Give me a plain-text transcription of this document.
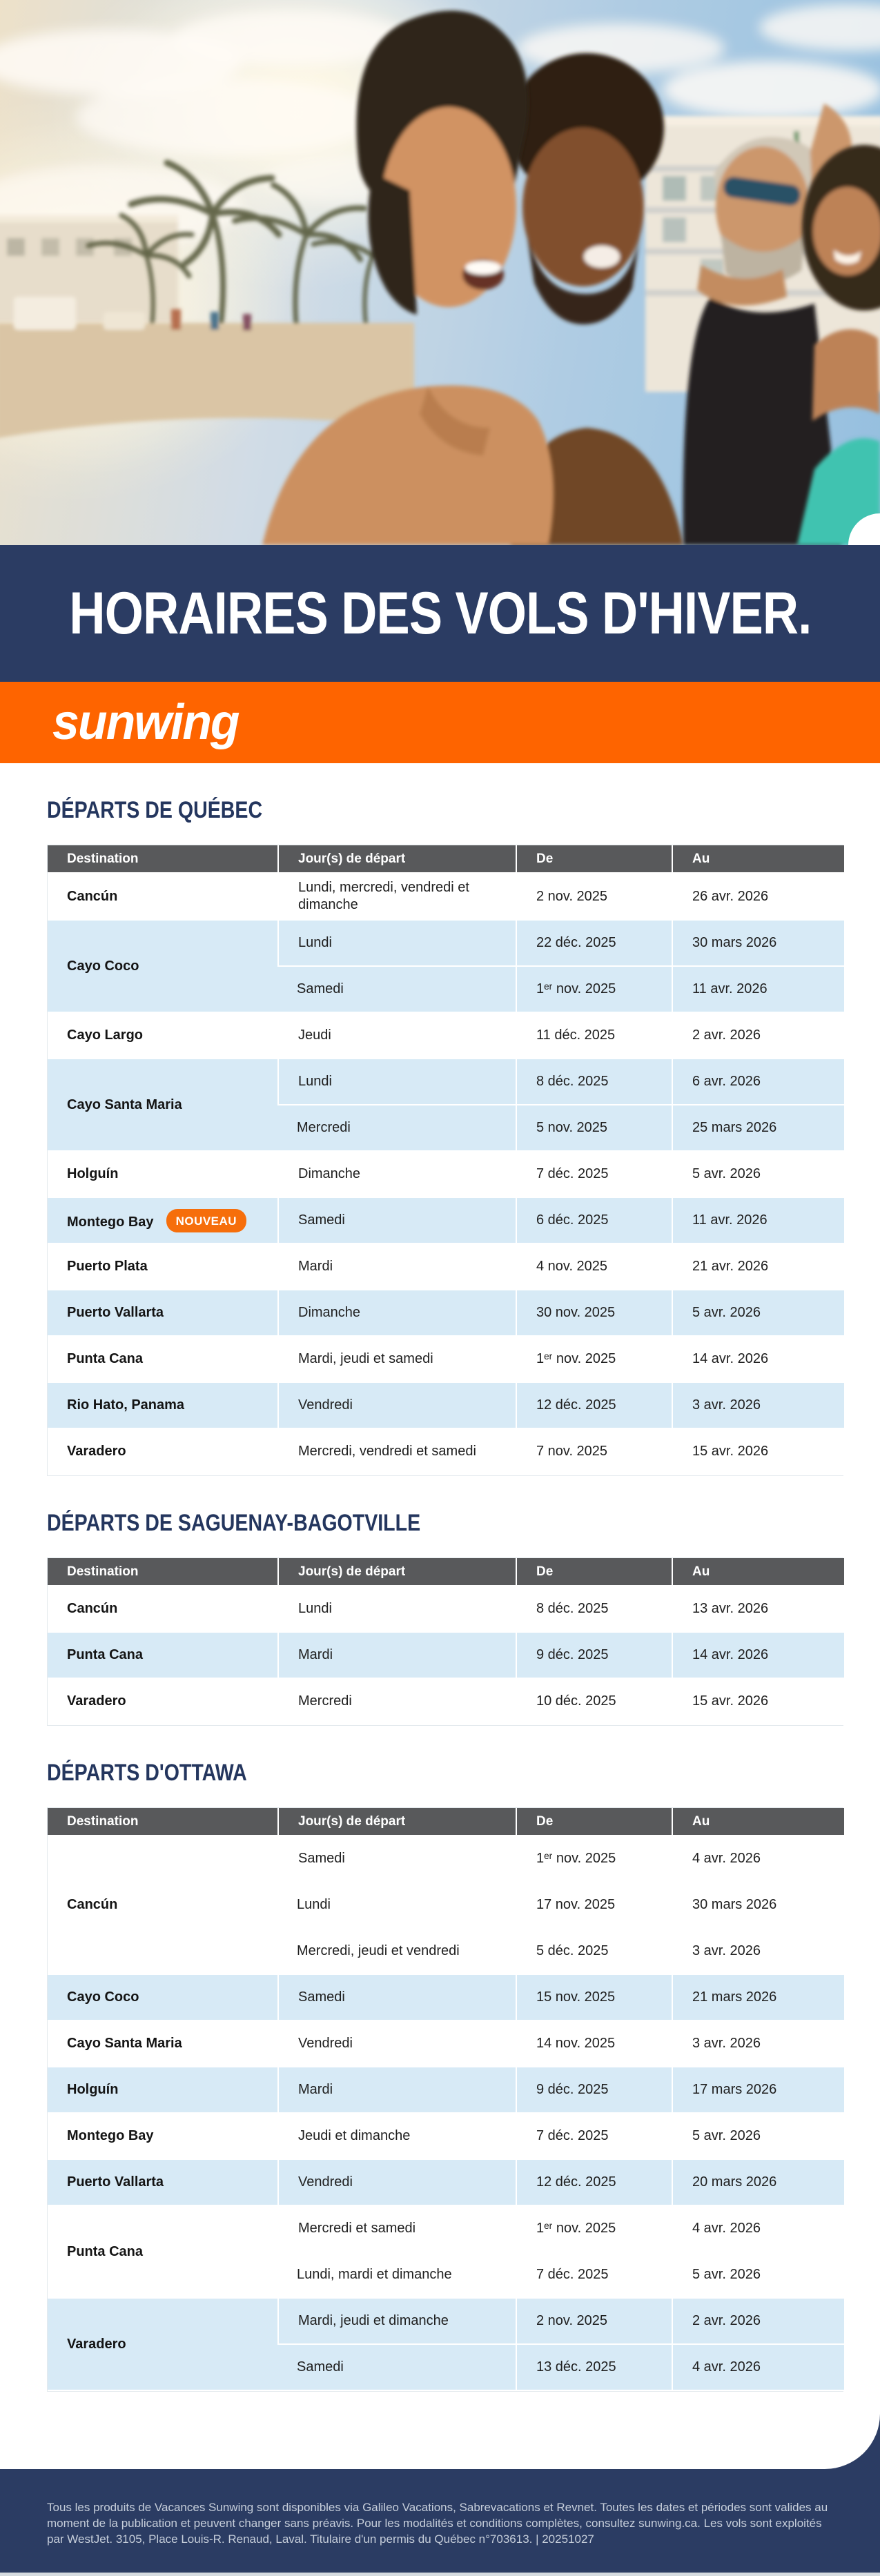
HORAIRES DES VOLS D'HIVER.
sunwing
DÉPARTS DE QUÉBEC
Destination	Jour(s) de départ	De	Au
Cancún	Lundi, mercredi, vendredi et dimanche	2 nov. 2025	26 avr. 2026
Cayo Coco	Lundi	22 déc. 2025	30 mars 2026
	Samedi	1ᵉʳ nov. 2025	11 avr. 2026
Cayo Largo	Jeudi	11 déc. 2025	2 avr. 2026
Cayo Santa Maria	Lundi	8 déc. 2025	6 avr. 2026
	Mercredi	5 nov. 2025	25 mars 2026
Holguín	Dimanche	7 déc. 2025	5 avr. 2026
Montego Bay NOUVEAU	Samedi	6 déc. 2025	11 avr. 2026
Puerto Plata	Mardi	4 nov. 2025	21 avr. 2026
Puerto Vallarta	Dimanche	30 nov. 2025	5 avr. 2026
Punta Cana	Mardi, jeudi et samedi	1ᵉʳ nov. 2025	14 avr. 2026
Rio Hato, Panama	Vendredi	12 déc. 2025	3 avr. 2026
Varadero	Mercredi, vendredi et samedi	7 nov. 2025	15 avr. 2026
DÉPARTS DE SAGUENAY-BAGOTVILLE
Destination	Jour(s) de départ	De	Au
Cancún	Lundi	8 déc. 2025	13 avr. 2026
Punta Cana	Mardi	9 déc. 2025	14 avr. 2026
Varadero	Mercredi	10 déc. 2025	15 avr. 2026
DÉPARTS D'OTTAWA
Destination	Jour(s) de départ	De	Au
Cancún	Samedi	1ᵉʳ nov. 2025	4 avr. 2026
	Lundi	17 nov. 2025	30 mars 2026
	Mercredi, jeudi et vendredi	5 déc. 2025	3 avr. 2026
Cayo Coco	Samedi	15 nov. 2025	21 mars 2026
Cayo Santa Maria	Vendredi	14 nov. 2025	3 avr. 2026
Holguín	Mardi	9 déc. 2025	17 mars 2026
Montego Bay	Jeudi et dimanche	7 déc. 2025	5 avr. 2026
Puerto Vallarta	Vendredi	12 déc. 2025	20 mars 2026
Punta Cana	Mercredi et samedi	1ᵉʳ nov. 2025	4 avr. 2026
	Lundi, mardi et dimanche	7 déc. 2025	5 avr. 2026
Varadero	Mardi, jeudi et dimanche	2 nov. 2025	2 avr. 2026
	Samedi	13 déc. 2025	4 avr. 2026

Tous les produits de Vacances Sunwing sont disponibles via Galileo Vacations, Sabrevacations et Revnet. Toutes les dates et périodes sont valides au moment de la publication et peuvent changer sans préavis. Pour les modalités et conditions complètes, consultez sunwing.ca. Les vols sont exploités par WestJet. 3105, Place Louis-R. Renaud, Laval. Titulaire d'un permis du Québec n°703613. | 20251027
